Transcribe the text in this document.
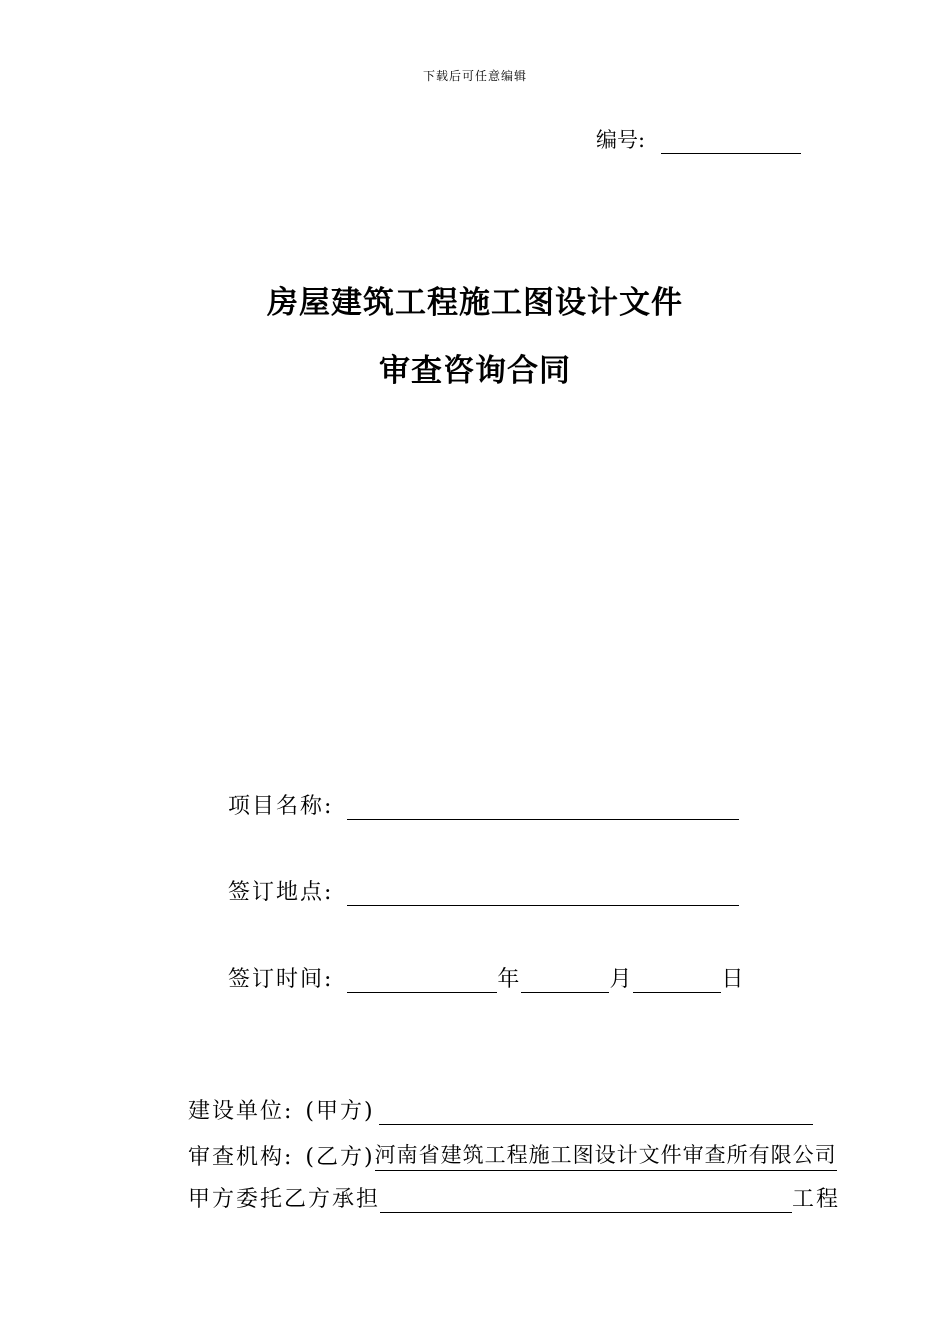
下载后可任意编辑
编号:
房屋建筑工程施工图设计文件
审查咨询合同
项目名称:
签订地点:
签订时间:	年	月	日
建设单位: (甲方)
审查机构: (乙方) 河南省建筑工程施工图设计文件审查所有限公司
甲方委托乙方承担	工程
